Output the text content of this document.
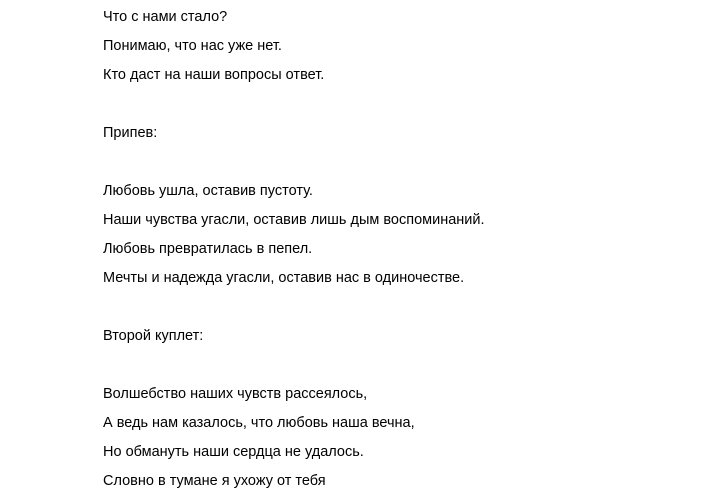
Что с нами стало?
Понимаю, что нас уже нет.
Кто даст на наши вопросы ответ.
Припев:
Любовь ушла, оставив пустоту.
Наши чувства угасли, оставив лишь дым воспоминаний.
Любовь превратилась в пепел.
Мечты и надежда угасли, оставив нас в одиночестве.
Второй куплет:
Волшебство наших чувств рассеялось,
А ведь нам казалось, что любовь наша вечна,
Но обмануть наши сердца не удалось.
Словно в тумане я ухожу от тебя
